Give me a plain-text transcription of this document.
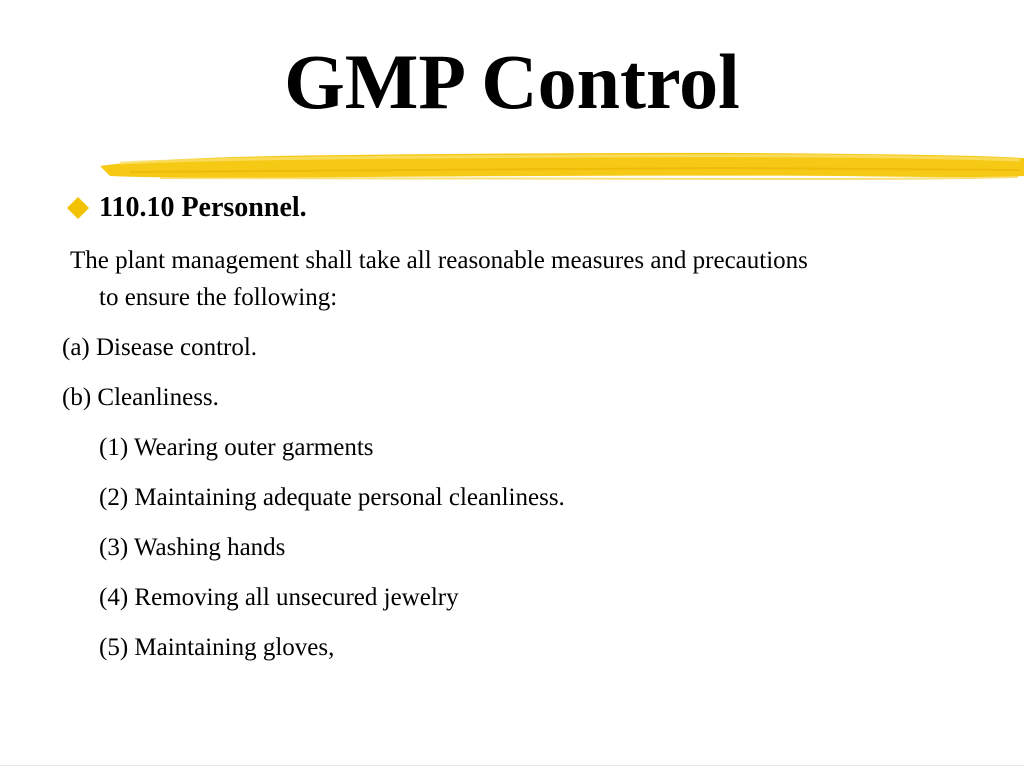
GMP Control
110.10 Personnel.
The plant management shall take all reasonable measures and precautions
to ensure the following:
(a) Disease control.
(b) Cleanliness.
(1) Wearing outer garments
(2) Maintaining adequate personal cleanliness.
(3) Washing hands
(4) Removing all unsecured jewelry
(5) Maintaining gloves,
